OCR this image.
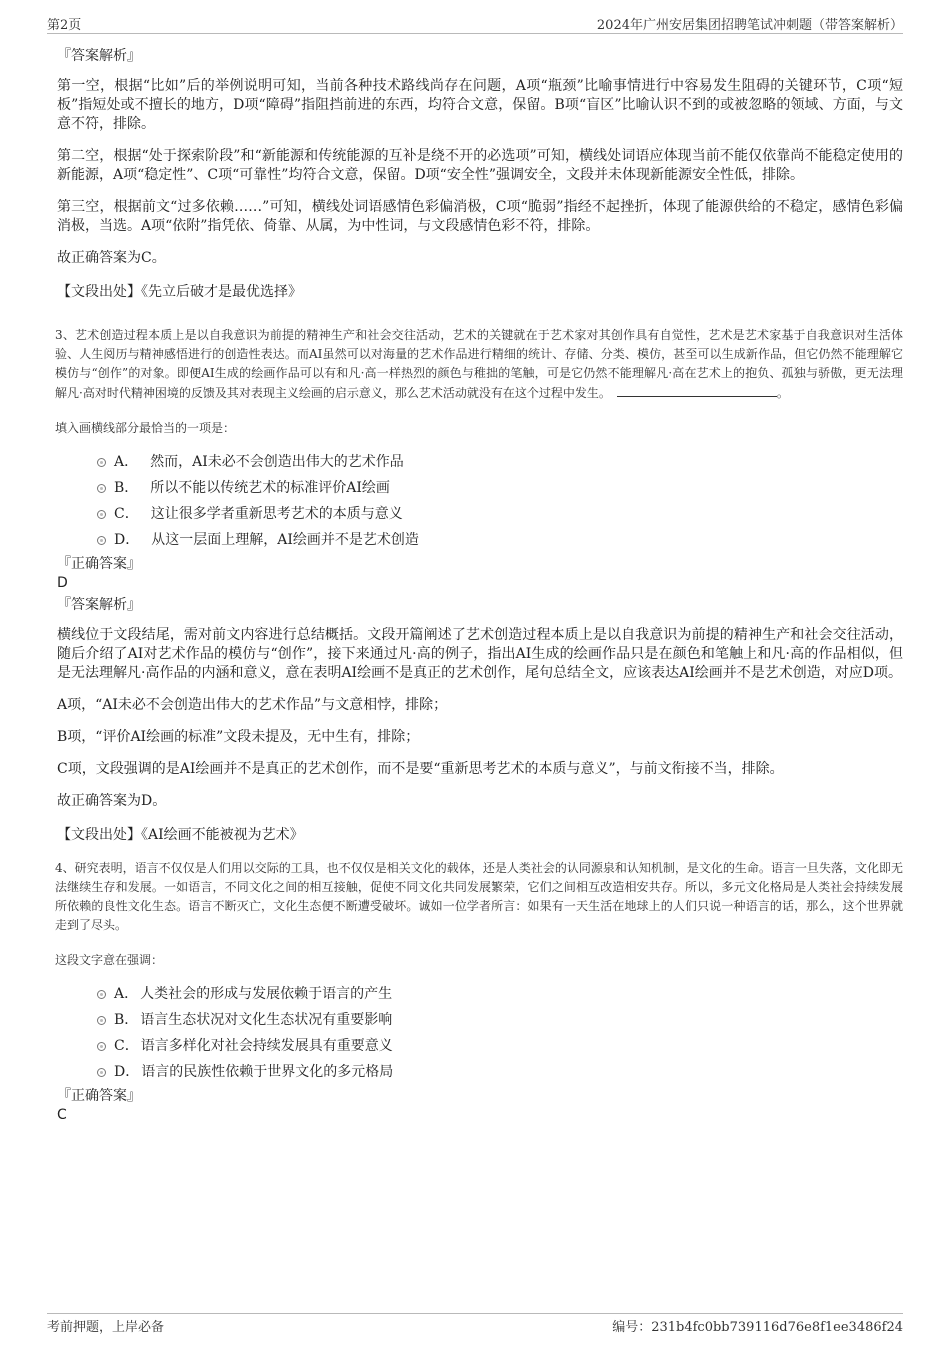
第2页	2024年广州安居集团招聘笔试冲刺题（带答案解析）
『答案解析』
第一空，根据“比如”后的举例说明可知，当前各种技术路线尚存在问题，A项“瓶颈”比喻事情进行中容易发生阻碍的关键环节，C项“短板”指短处或不擅长的地方，D项“障碍”指阻挡前进的东西，均符合文意，保留。B项“盲区”比喻认识不到的或被忽略的领域、方面，与文意不符，排除。
第二空，根据“处于探索阶段”和“新能源和传统能源的互补是绕不开的必选项”可知，横线处词语应体现当前不能仅依靠尚不能稳定使用的新能源，A项“稳定性”、C项“可靠性”均符合文意，保留。D项“安全性”强调安全，文段并未体现新能源安全性低，排除。
第三空，根据前文“过多依赖……”可知，横线处词语感情色彩偏消极，C项“脆弱”指经不起挫折，体现了能源供给的不稳定，感情色彩偏消极，当选。A项“依附”指凭依、倚靠、从属，为中性词，与文段感情色彩不符，排除。
故正确答案为C。
【文段出处】《先立后破才是最优选择》
3、艺术创造过程本质上是以自我意识为前提的精神生产和社会交往活动，艺术的关键就在于艺术家对其创作具有自觉性，艺术是艺术家基于自我意识对生活体验、人生阅历与精神感悟进行的创造性表达。而AI虽然可以对海量的艺术作品进行精细的统计、存储、分类、模仿，甚至可以生成新作品，但它仍然不能理解它模仿与“创作”的对象。即便AI生成的绘画作品可以有和凡·高一样热烈的颜色与稚拙的笔触，可是它仍然不能理解凡·高在艺术上的抱负、孤独与骄傲，更无法理解凡·高对时代精神困境的反馈及其对表现主义绘画的启示意义，那么艺术活动就没有在这个过程中发生。	。
填入画横线部分最恰当的一项是：
A． 然而，AI未必不会创造出伟大的艺术作品
B． 所以不能以传统艺术的标准评价AI绘画
C． 这让很多学者重新思考艺术的本质与意义
D． 从这一层面上理解，AI绘画并不是艺术创造
『正确答案』
D
『答案解析』
横线位于文段结尾，需对前文内容进行总结概括。文段开篇阐述了艺术创造过程本质上是以自我意识为前提的精神生产和社会交往活动，随后介绍了AI对艺术作品的模仿与“创作”，接下来通过凡·高的例子，指出AI生成的绘画作品只是在颜色和笔触上和凡·高的作品相似，但是无法理解凡·高作品的内涵和意义，意在表明AI绘画不是真正的艺术创作，尾句总结全文，应该表达AI绘画并不是艺术创造，对应D项。
A项，“AI未必不会创造出伟大的艺术作品”与文意相悖，排除；
B项，“评价AI绘画的标准”文段未提及，无中生有，排除；
C项，文段强调的是AI绘画并不是真正的艺术创作，而不是要“重新思考艺术的本质与意义”，与前文衔接不当，排除。
故正确答案为D。
【文段出处】《AI绘画不能被视为艺术》
4、研究表明，语言不仅仅是人们用以交际的工具，也不仅仅是相关文化的载体，还是人类社会的认同源泉和认知机制，是文化的生命。语言一旦失落，文化即无法继续生存和发展。一如语言，不同文化之间的相互接触，促使不同文化共同发展繁荣，它们之间相互改造相安共存。所以，多元文化格局是人类社会持续发展所依赖的良性文化生态。语言不断灭亡，文化生态便不断遭受破坏。诚如一位学者所言：如果有一天生活在地球上的人们只说一种语言的话，那么，这个世界就走到了尽头。
这段文字意在强调：
A． 人类社会的形成与发展依赖于语言的产生
B． 语言生态状况对文化生态状况有重要影响
C． 语言多样化对社会持续发展具有重要意义
D． 语言的民族性依赖于世界文化的多元格局
『正确答案』
C
考前押题，上岸必备	编号：231b4fc0bb739116d76e8f1ee3486f24
